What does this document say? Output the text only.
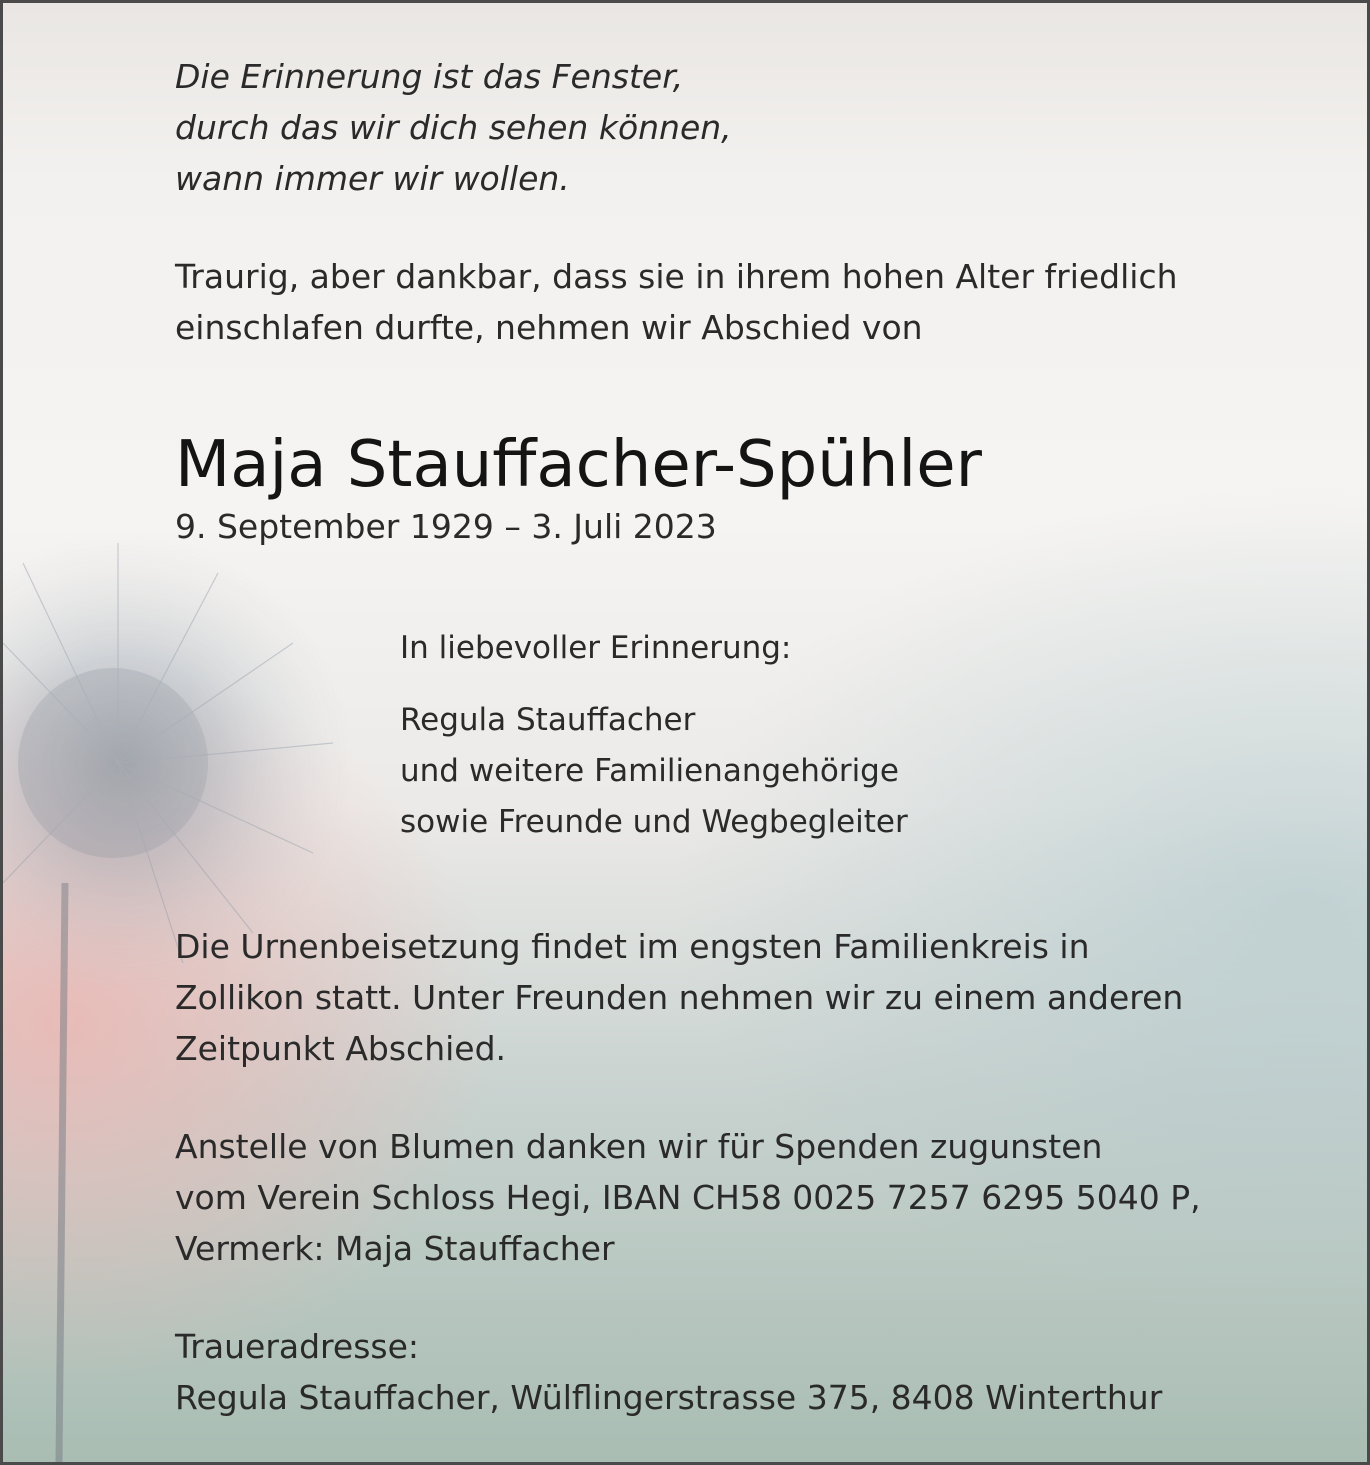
Die Erinnerung ist das Fenster,
durch das wir dich sehen können,
wann immer wir wollen.
Traurig, aber dankbar, dass sie in ihrem hohen Alter friedlich
einschlafen durfte, nehmen wir Abschied von
Maja Stauffacher-Spühler
9. September 1929 – 3. Juli 2023
In liebevoller Erinnerung:
Regula Stauffacher
und weitere Familienangehörige
sowie Freunde und Wegbegleiter
Die Urnenbeisetzung findet im engsten Familienkreis in
Zollikon statt. Unter Freunden nehmen wir zu einem anderen
Zeitpunkt Abschied.
Anstelle von Blumen danken wir für Spenden zugunsten
vom Verein Schloss Hegi, IBAN CH58 0025 7257 6295 5040 P,
Vermerk: Maja Stauffacher
Traueradresse:
Regula Stauffacher, Wülflingerstrasse 375, 8408 Winterthur
